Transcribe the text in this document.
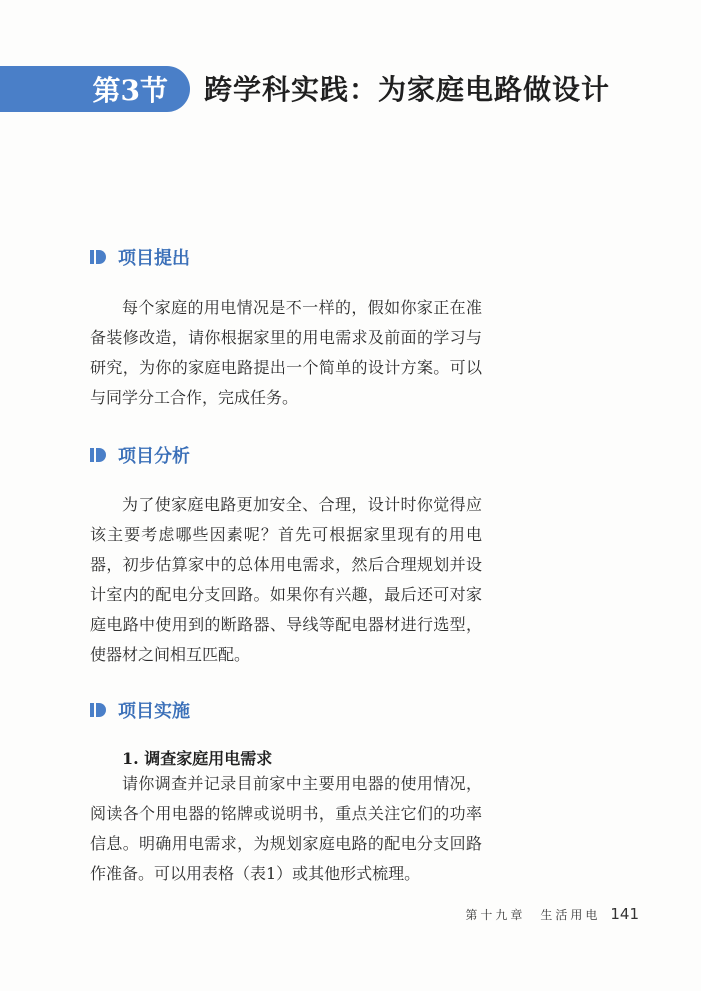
第3节 跨学科实践：为家庭电路做设计
项目提出

每个家庭的用电情况是不一样的，假如你家正在准备装修改造，请你根据家里的用电需求及前面的学习与研究，为你的家庭电路提出一个简单的设计方案。可以与同学分工合作，完成任务。

项目分析

为了使家庭电路更加安全、合理，设计时你觉得应该主要考虑哪些因素呢？首先可根据家里现有的用电器，初步估算家中的总体用电需求，然后合理规划并设计室内的配电分支回路。如果你有兴趣，最后还可对家庭电路中使用到的断路器、导线等配电器材进行选型，使器材之间相互匹配。

项目实施
1. 调查家庭用电需求

请你调查并记录目前家中主要用电器的使用情况，阅读各个用电器的铭牌或说明书，重点关注它们的功率信息。明确用电需求，为规划家庭电路的配电分支回路作准备。可以用表格（表1）或其他形式梳理。

第十九章　生活用电 141
